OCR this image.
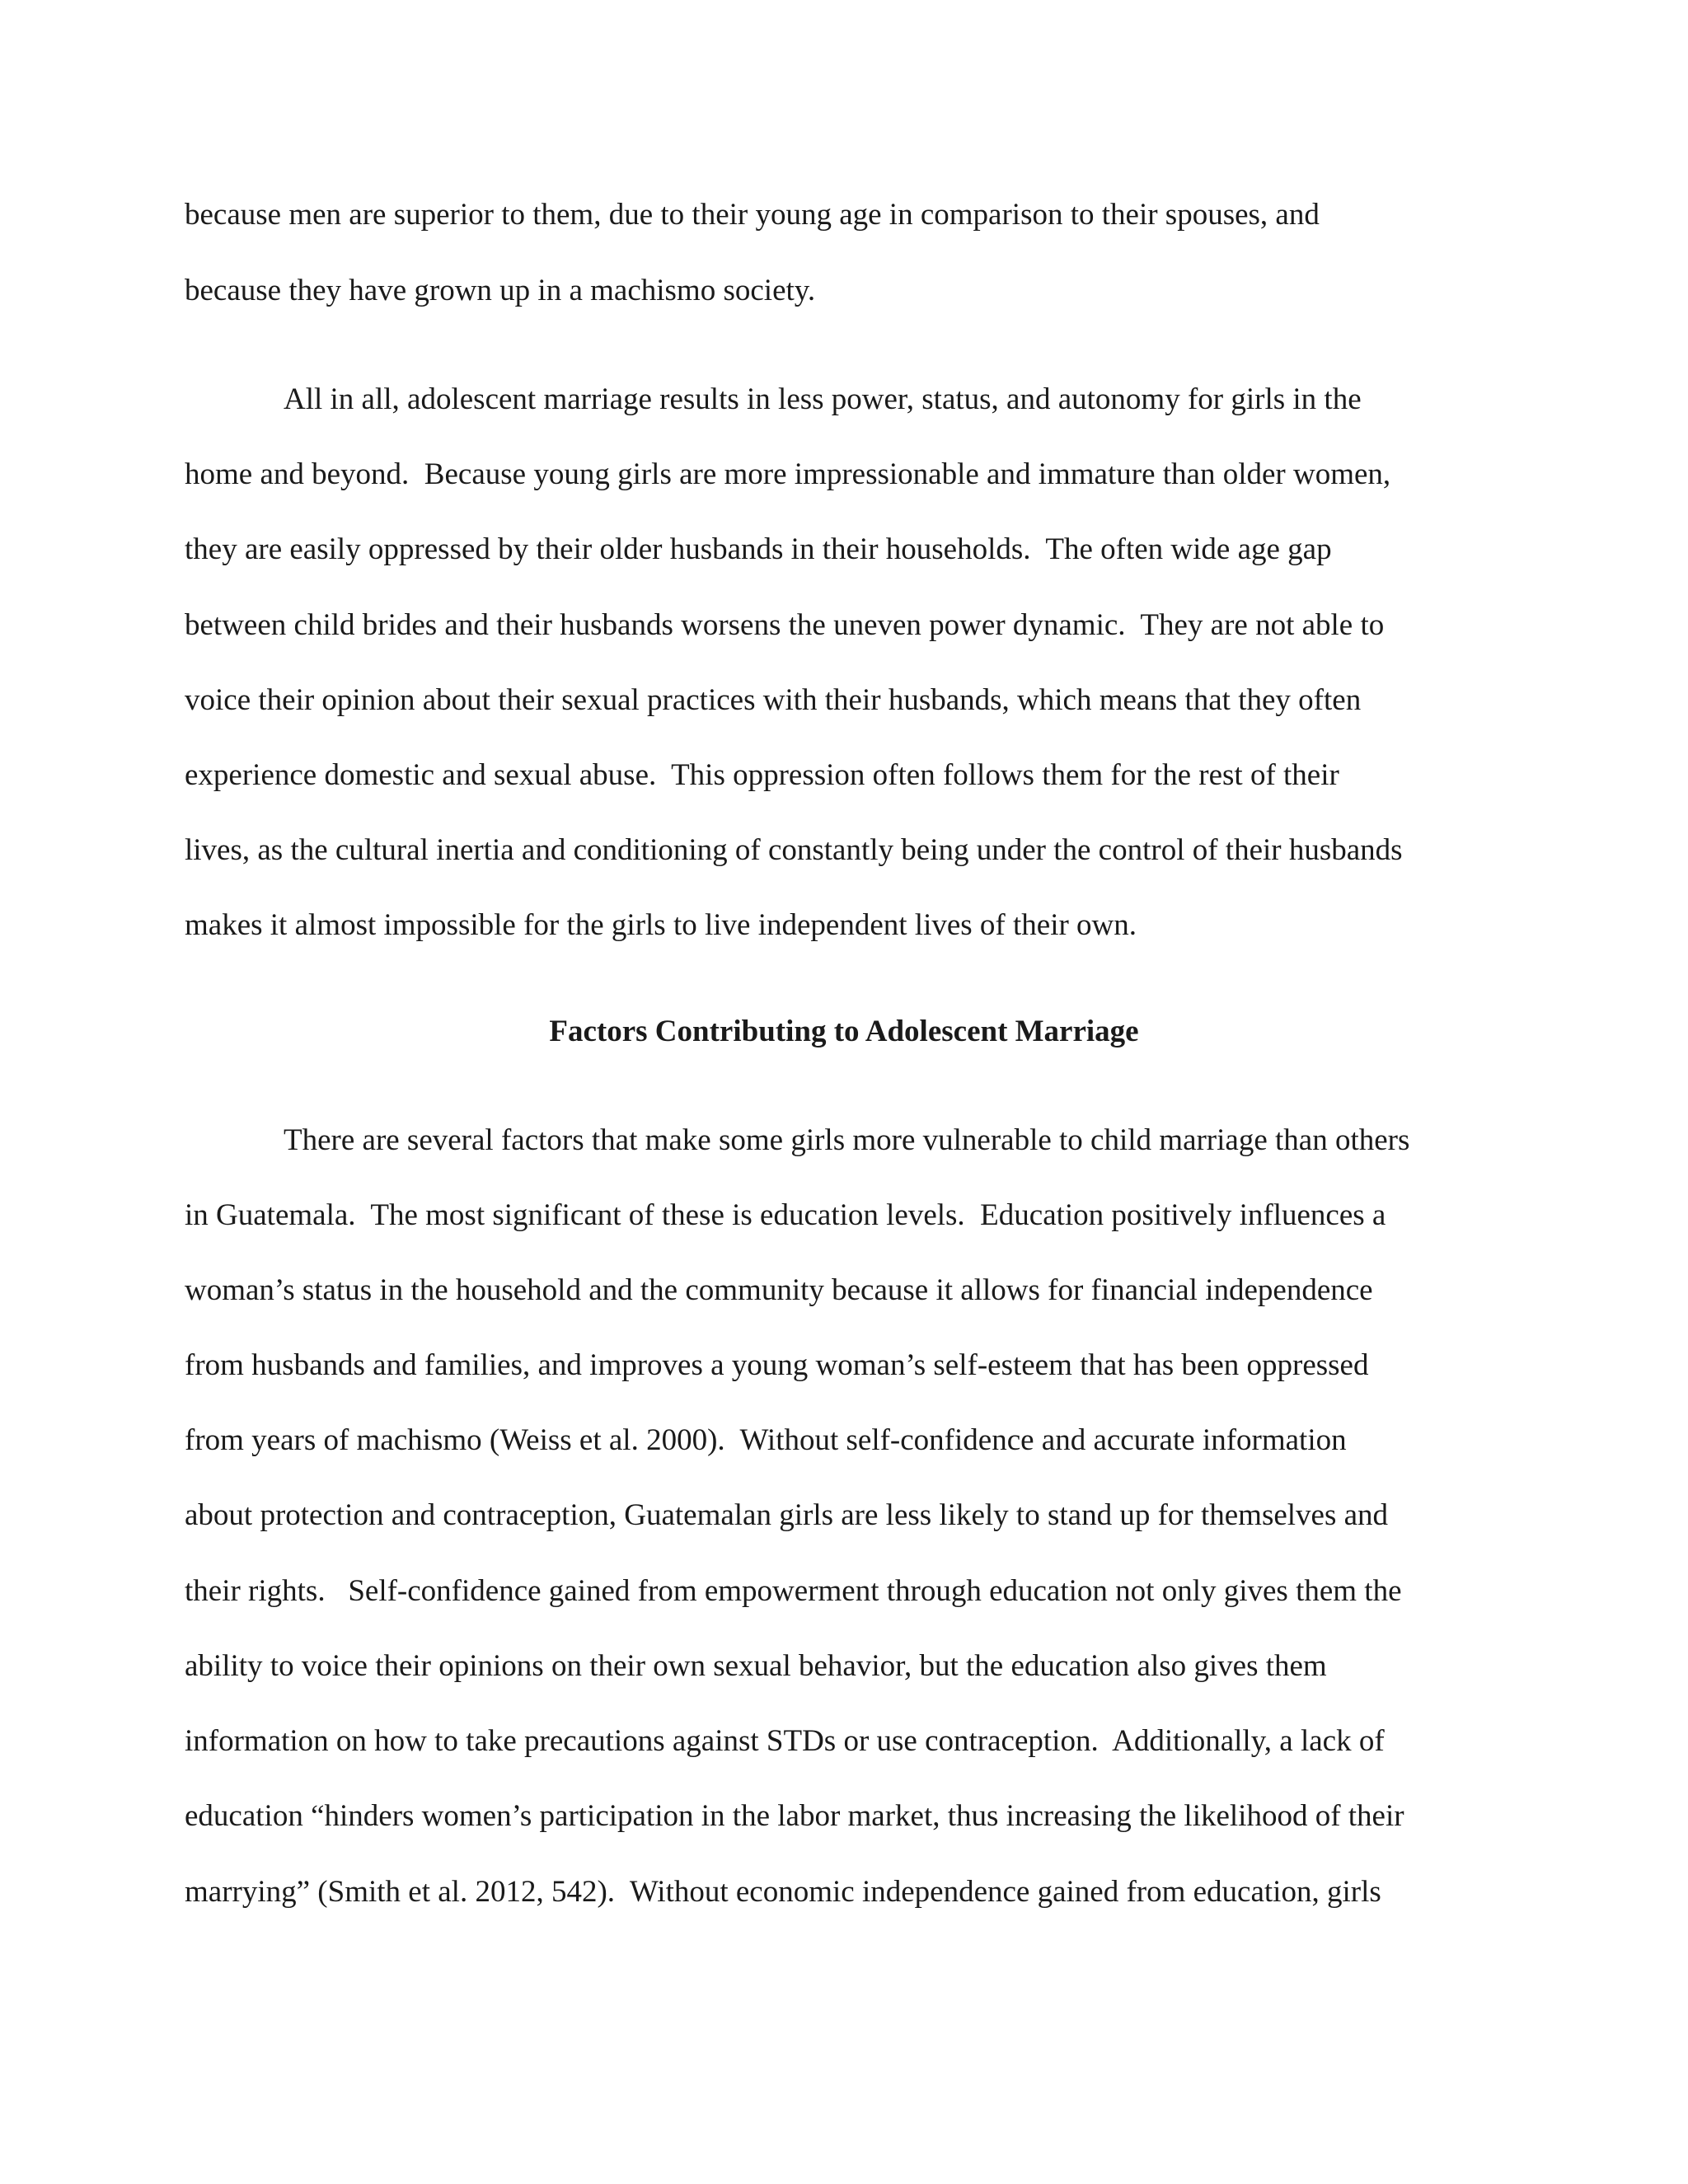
because men are superior to them, due to their young age in comparison to their spouses, and
because they have grown up in a machismo society.
All in all, adolescent marriage results in less power, status, and autonomy for girls in the
home and beyond.  Because young girls are more impressionable and immature than older women,
they are easily oppressed by their older husbands in their households.  The often wide age gap
between child brides and their husbands worsens the uneven power dynamic.  They are not able to
voice their opinion about their sexual practices with their husbands, which means that they often
experience domestic and sexual abuse.  This oppression often follows them for the rest of their
lives, as the cultural inertia and conditioning of constantly being under the control of their husbands
makes it almost impossible for the girls to live independent lives of their own.
Factors Contributing to Adolescent Marriage
There are several factors that make some girls more vulnerable to child marriage than others
in Guatemala.  The most significant of these is education levels.  Education positively influences a
woman’s status in the household and the community because it allows for financial independence
from husbands and families, and improves a young woman’s self-esteem that has been oppressed
from years of machismo (Weiss et al. 2000).  Without self-confidence and accurate information
about protection and contraception, Guatemalan girls are less likely to stand up for themselves and
their rights.   Self-confidence gained from empowerment through education not only gives them the
ability to voice their opinions on their own sexual behavior, but the education also gives them
information on how to take precautions against STDs or use contraception.  Additionally, a lack of
education “hinders women’s participation in the labor market, thus increasing the likelihood of their
marrying” (Smith et al. 2012, 542).  Without economic independence gained from education, girls
